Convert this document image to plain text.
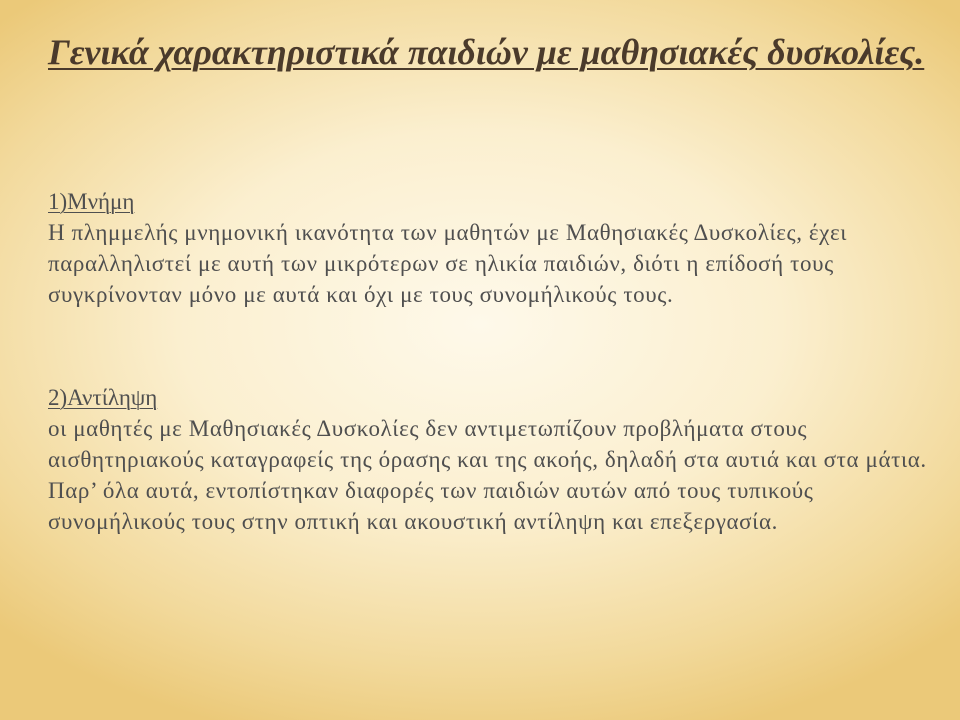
Γενικά χαρακτηριστικά παιδιών με μαθησιακές δυσκολίες.
1)Μνήμη
Η πλημμελής μνημονική ικανότητα των μαθητών με Μαθησιακές Δυσκολίες, έχει παραλληλιστεί με αυτή των μικρότερων σε ηλικία παιδιών, διότι η επίδοσή τους συγκρίνονταν μόνο με αυτά και όχι με τους συνομήλικούς τους.
2)Αντίληψη
οι μαθητές με Μαθησιακές Δυσκολίες δεν αντιμετωπίζουν προβλήματα στους αισθητηριακούς καταγραφείς της όρασης και της ακοής, δηλαδή στα αυτιά και στα μάτια. Παρ’ όλα αυτά, εντοπίστηκαν διαφορές των παιδιών αυτών από τους τυπικούς συνομήλικούς τους στην οπτική και ακουστική αντίληψη και επεξεργασία.
